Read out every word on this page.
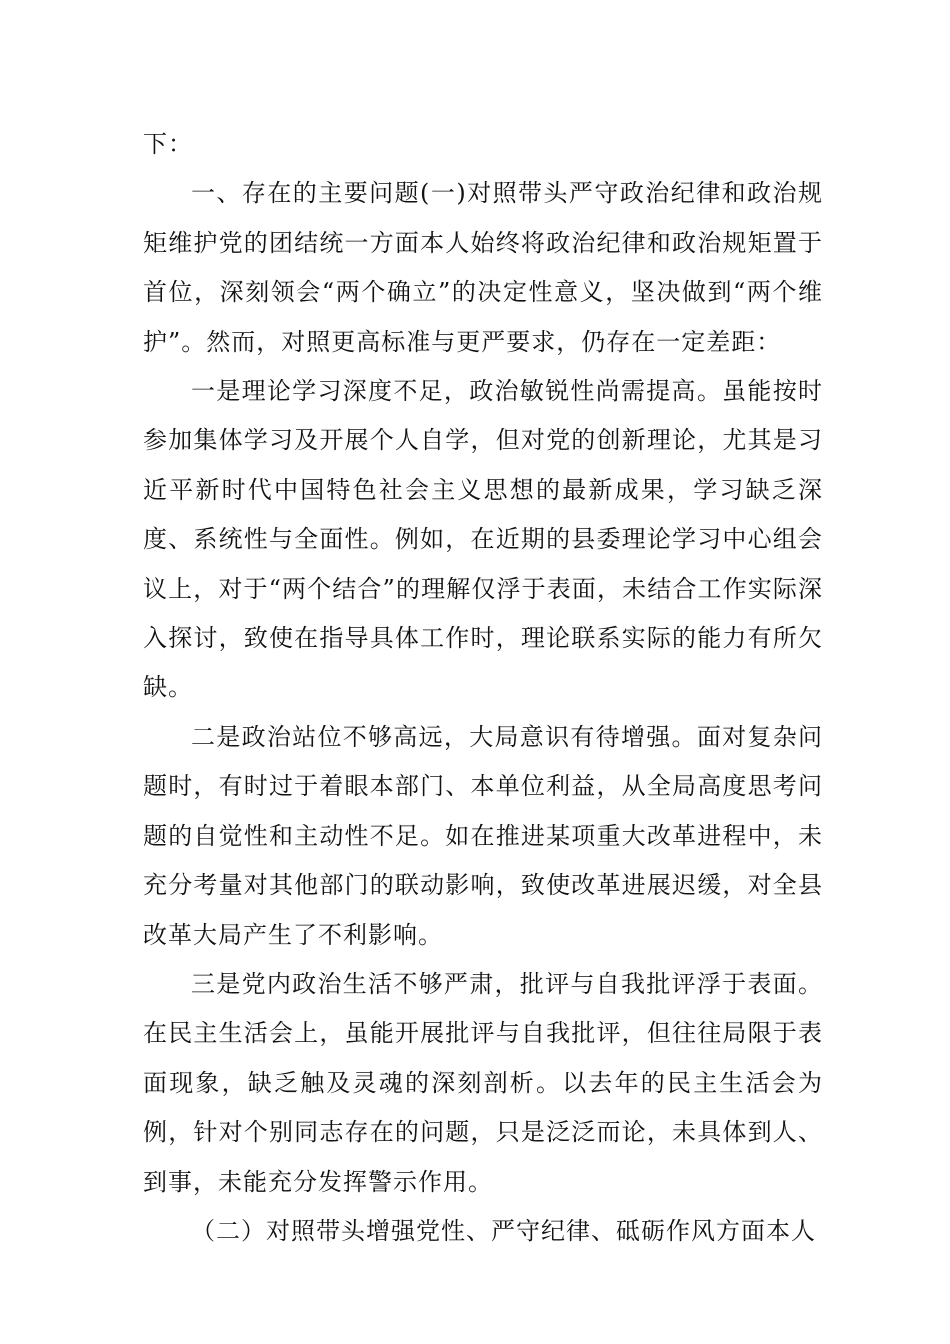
下：

一、存在的主要问题(一)对照带头严守政治纪律和政治规矩维护党的团结统一方面本人始终将政治纪律和政治规矩置于首位，深刻领会“两个确立”的决定性意义，坚决做到“两个维护”。然而，对照更高标准与更严要求，仍存在一定差距：

一是理论学习深度不足，政治敏锐性尚需提高。虽能按时参加集体学习及开展个人自学，但对党的创新理论，尤其是习近平新时代中国特色社会主义思想的最新成果，学习缺乏深度、系统性与全面性。例如，在近期的县委理论学习中心组会议上，对于“两个结合”的理解仅浮于表面，未结合工作实际深入探讨，致使在指导具体工作时，理论联系实际的能力有所欠缺。

二是政治站位不够高远，大局意识有待增强。面对复杂问题时，有时过于着眼本部门、本单位利益，从全局高度思考问题的自觉性和主动性不足。如在推进某项重大改革进程中，未充分考量对其他部门的联动影响，致使改革进展迟缓，对全县改革大局产生了不利影响。

三是党内政治生活不够严肃，批评与自我批评浮于表面。在民主生活会上，虽能开展批评与自我批评，但往往局限于表面现象，缺乏触及灵魂的深刻剖析。以去年的民主生活会为例，针对个别同志存在的问题，只是泛泛而论，未具体到人、到事，未能充分发挥警示作用。

（二）对照带头增强党性、严守纪律、砥砺作风方面本人
